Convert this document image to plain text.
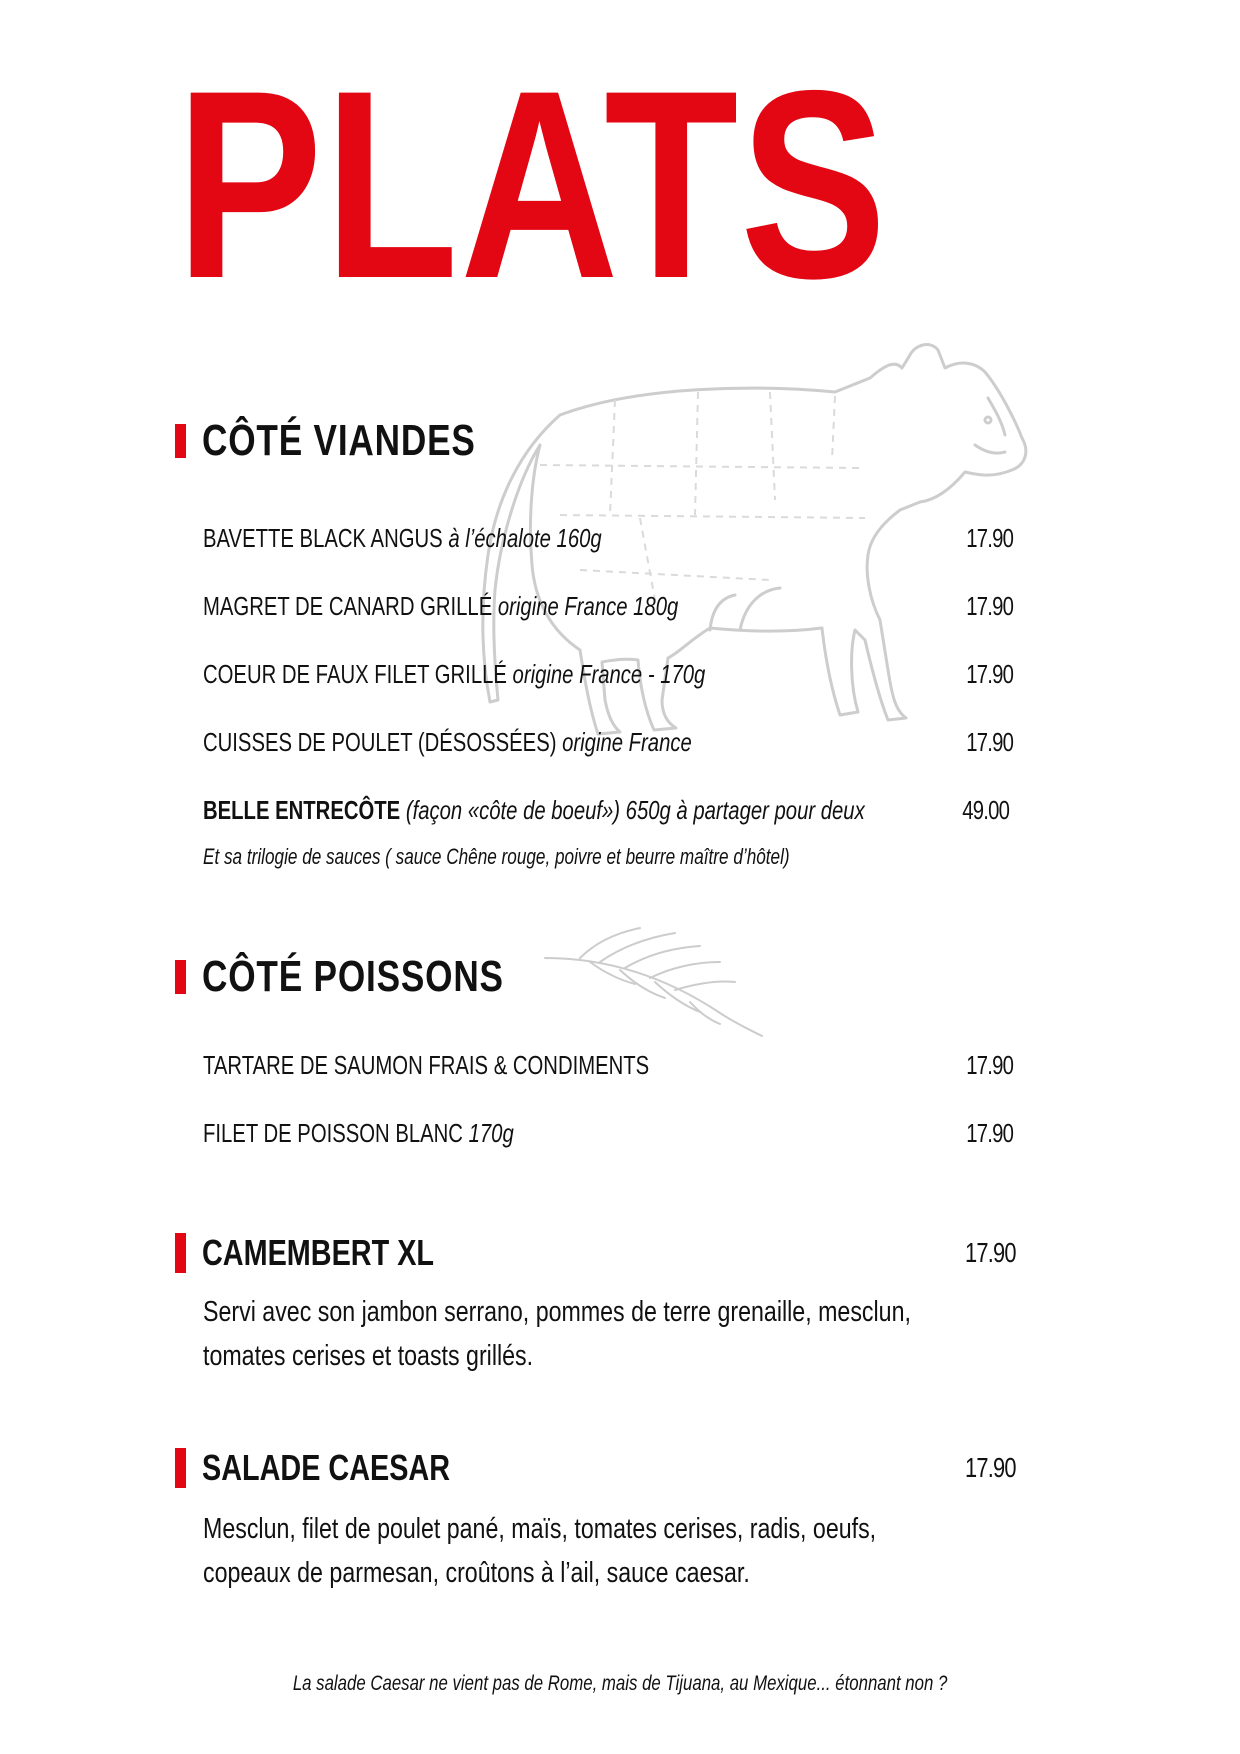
PLATS
CÔTÉ VIANDES
BAVETTE BLACK ANGUS à l’échalote 160g	17.90
MAGRET DE CANARD GRILLÉ origine France 180g	17.90
COEUR DE FAUX FILET GRILLÉ origine France - 170g	17.90
CUISSES DE POULET (DÉSOSSÉES) origine France	17.90
BELLE ENTRECÔTE (façon «côte de boeuf») 650g à partager pour deux	49.00
Et sa trilogie de sauces ( sauce Chêne rouge, poivre et beurre maître d’hôtel)
CÔTÉ POISSONS
TARTARE DE SAUMON FRAIS & CONDIMENTS	17.90
FILET DE POISSON BLANC 170g	17.90
CAMEMBERT XL	17.90
Servi avec son jambon serrano, pommes de terre grenaille, mesclun,
tomates cerises et toasts grillés.
SALADE CAESAR	17.90
Mesclun, filet de poulet pané, maïs, tomates cerises, radis, oeufs,
copeaux de parmesan, croûtons à l’ail, sauce caesar.
La salade Caesar ne vient pas de Rome, mais de Tijuana, au Mexique... étonnant non ?
